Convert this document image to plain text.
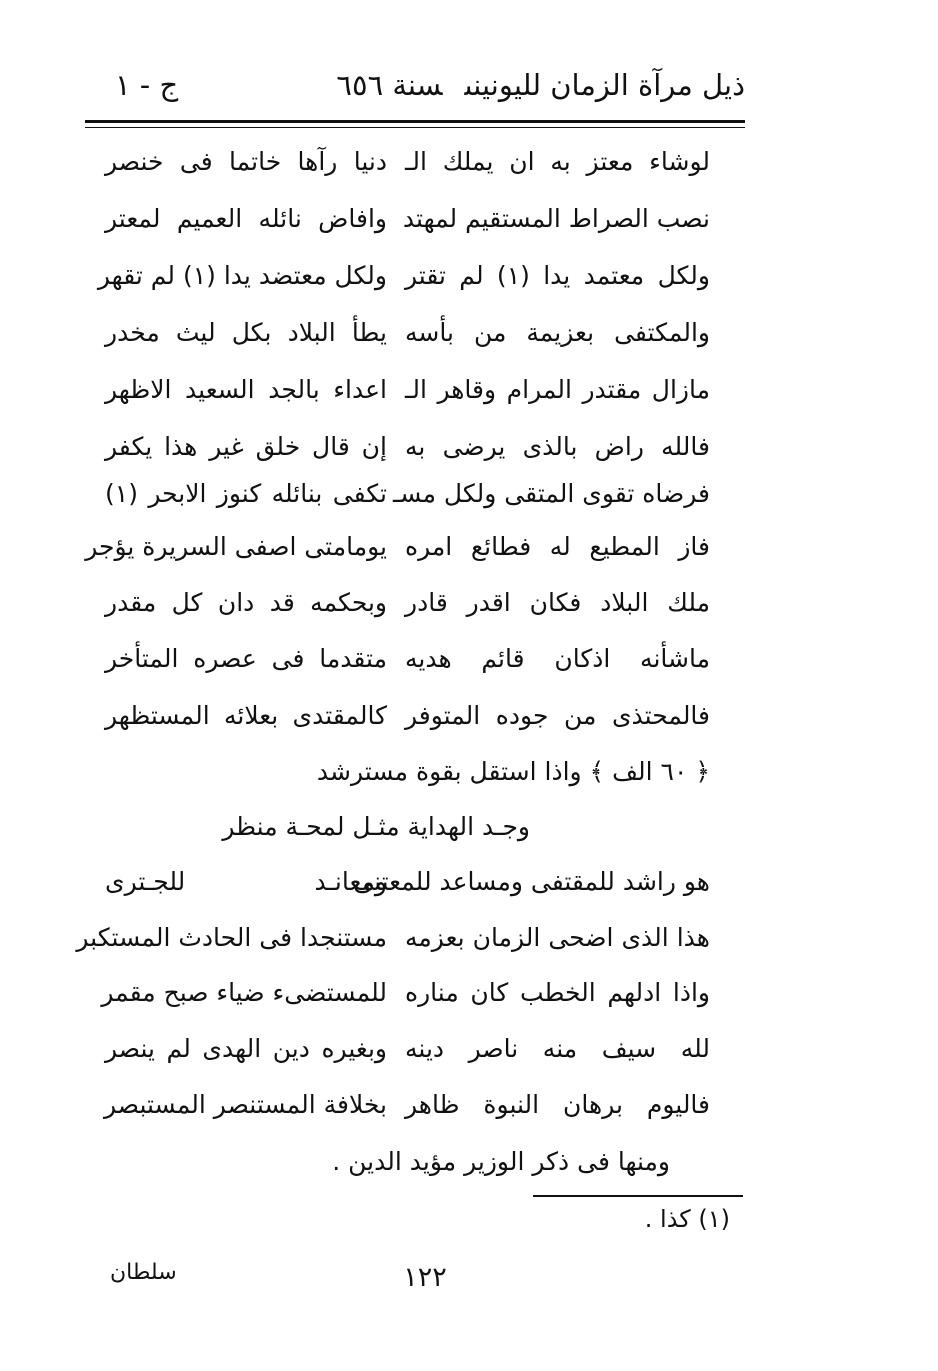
ذيل مرآة الزمان لليونينىسنة ٦٥٦
ج - ١
لوشاء معتز به ان يملك الـ
دنيا رآها خاتما فى خنصر
نصب الصراط المستقيم لمهتد
وافاض نائله العميم لمعتر
ولكل معتمد يدا (١) لم تقتر
ولكل معتضد يدا (١) لم تقهر
والمكتفى بعزيمة من بأسه
يطأ البلاد بكل ليث مخدر
مازال مقتدر المرام وقاهر الـ
اعداء بالجد السعيد الاظهر
فالله راض بالذى يرضى به
إن قال خلق غير هذا يكفر
فرضاه تقوى المتقى ولكل مسـ
تكفى بنائله كنوز الابحر (١)
فاز المطيع له فطائع امره
يومامتى اصفى السريرة يؤجر
ملك البلاد فكان اقدر قادر
وبحكمه قد دان كل مقدر
ماشأنه اذكان قائم هديه
متقدما فى عصره المتأخر
فالمحتذى من جوده المتوفر
كالمقتدى بعلائه المستظهر
﴿ ٦٠ الف ﴾ واذا استقل بقوة مسترشد
وجـد الهداية مثـل لمحـة منظر
هو راشد للمقتفى ومساعد للمعتنى
ومعانـد للجـترى
هذا الذى اضحى الزمان بعزمه
مستنجدا فى الحادث المستكبر
واذا ادلهم الخطب كان مناره
للمستضىء ضياء صبح مقمر
لله سيف منه ناصر دينه
وبغيره دين الهدى لم ينصر
فاليوم برهان النبوة ظاهر
بخلافة المستنصر المستبصر
ومنها فى ذكر الوزير مؤيد الدين .
(١) كذا .
١٢٢
سلطان
